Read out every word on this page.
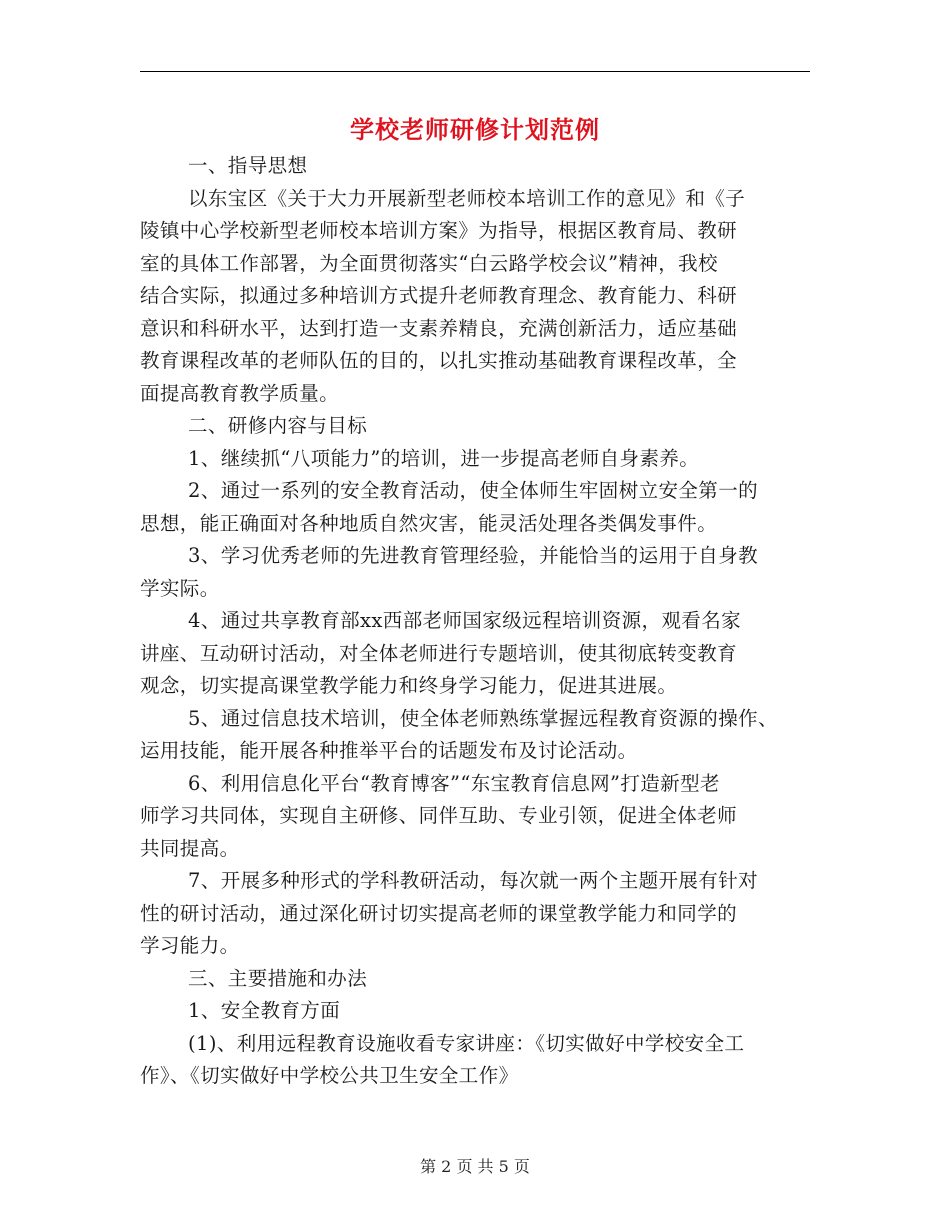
学校老师研修计划范例
一、指导思想
以东宝区《关于大力开展新型老师校本培训工作的意见》和《子
陵镇中心学校新型老师校本培训方案》为指导，根据区教育局、教研
室的具体工作部署，为全面贯彻落实“白云路学校会议”精神，我校
结合实际，拟通过多种培训方式提升老师教育理念、教育能力、科研
意识和科研水平，达到打造一支素养精良，充满创新活力，适应基础
教育课程改革的老师队伍的目的，以扎实推动基础教育课程改革，全
面提高教育教学质量。
二、研修内容与目标
1、继续抓“八项能力”的培训，进一步提高老师自身素养。
2、通过一系列的安全教育活动，使全体师生牢固树立安全第一的
思想，能正确面对各种地质自然灾害，能灵活处理各类偶发事件。
3、学习优秀老师的先进教育管理经验，并能恰当的运用于自身教
学实际。
4、通过共享教育部xx西部老师国家级远程培训资源，观看名家
讲座、互动研讨活动，对全体老师进行专题培训，使其彻底转变教育
观念，切实提高课堂教学能力和终身学习能力，促进其进展。
5、通过信息技术培训，使全体老师熟练掌握远程教育资源的操作、
运用技能，能开展各种推举平台的话题发布及讨论活动。
6、利用信息化平台“教育博客”“东宝教育信息网”打造新型老
师学习共同体，实现自主研修、同伴互助、专业引领，促进全体老师
共同提高。
7、开展多种形式的学科教研活动，每次就一两个主题开展有针对
性的研讨活动，通过深化研讨切实提高老师的课堂教学能力和同学的
学习能力。
三、主要措施和办法
1、安全教育方面
(1)、利用远程教育设施收看专家讲座：《切实做好中学校安全工
作》、《切实做好中学校公共卫生安全工作》
第 2 页 共 5 页
